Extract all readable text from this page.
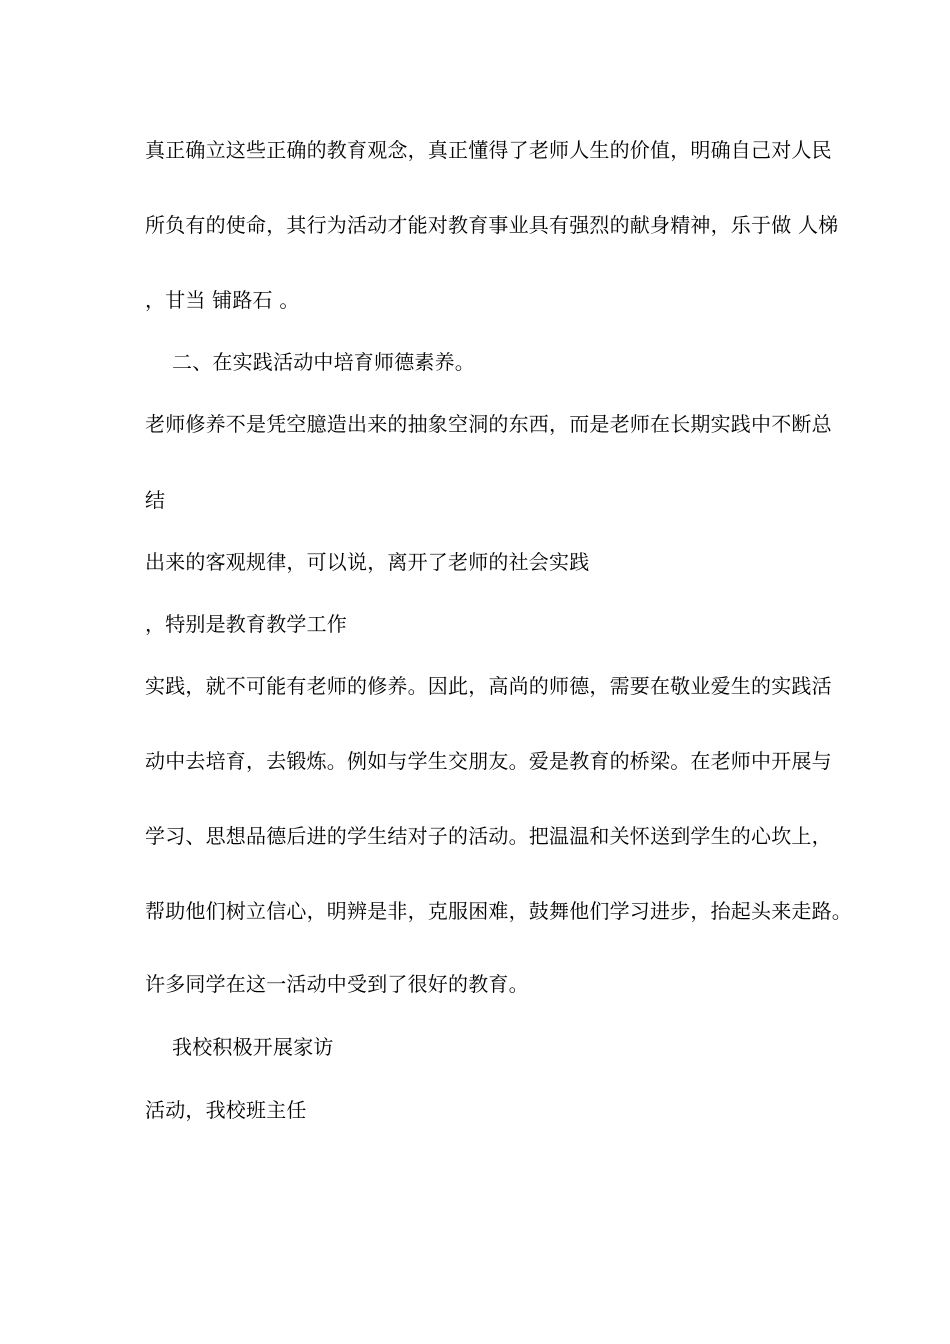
真正确立这些正确的教育观念，真正懂得了老师人生的价值，明确自己对人民
所负有的使命，其行为活动才能对教育事业具有强烈的献身精神，乐于做 人梯
，甘当 铺路石 。
二、在实践活动中培育师德素养。
老师修养不是凭空臆造出来的抽象空洞的东西，而是老师在长期实践中不断总
结
出来的客观规律，可以说，离开了老师的社会实践
，特别是教育教学工作
实践，就不可能有老师的修养。因此，高尚的师德，需要在敬业爱生的实践活
动中去培育，去锻炼。例如与学生交朋友。爱是教育的桥梁。在老师中开展与
学习、思想品德后进的学生结对子的活动。把温温和关怀送到学生的心坎上，
帮助他们树立信心，明辨是非，克服困难，鼓舞他们学习进步，抬起头来走路。
许多同学在这一活动中受到了很好的教育。
我校积极开展家访
活动，我校班主任
